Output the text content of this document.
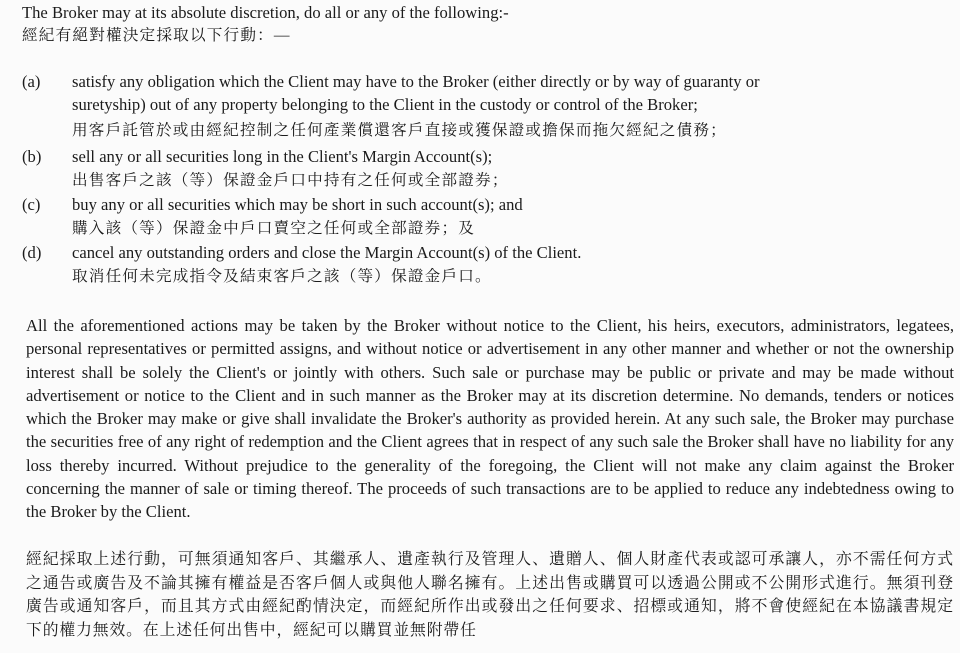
The Broker may at its absolute discretion, do all or any of the following:-
經紀有絕對權決定採取以下行動：—
(a)	satisfy any obligation which the Client may have to the Broker (either directly or by way of guaranty or
suretyship) out of any property belonging to the Client in the custody or control of the Broker;
用客戶託管於或由經紀控制之任何產業償還客戶直接或獲保證或擔保而拖欠經紀之債務；
(b)	sell any or all securities long in the Client's Margin Account(s);
出售客戶之該（等）保證金戶口中持有之任何或全部證券；
(c)	buy any or all securities which may be short in such account(s); and
購入該（等）保證金中戶口賣空之任何或全部證券；及
(d)	cancel any outstanding orders and close the Margin Account(s) of the Client.
取消任何未完成指令及結束客戶之該（等）保證金戶口。
All the aforementioned actions may be taken by the Broker without notice to the Client, his heirs, executors, administrators, legatees, personal representatives or permitted assigns, and without notice or advertisement in any other manner and whether or not the ownership interest shall be solely the Client's or jointly with others. Such sale or purchase may be public or private and may be made without advertisement or notice to the Client and in such manner as the Broker may at its discretion determine. No demands, tenders or notices which the Broker may make or give shall invalidate the Broker's authority as provided herein. At any such sale, the Broker may purchase the securities free of any right of redemption and the Client agrees that in respect of any such sale the Broker shall have no liability for any loss thereby incurred. Without prejudice to the generality of the foregoing, the Client will not make any claim against the Broker concerning the manner of sale or timing thereof. The proceeds of such transactions are to be applied to reduce any indebtedness owing to the Broker by the Client.
經紀採取上述行動，可無須通知客戶、其繼承人、遺產執行及管理人、遺贈人、個人財產代表或認可承讓人，亦不需任何方式之通告或廣告及不論其擁有權益是否客戶個人或與他人聯名擁有。上述出售或購買可以透過公開或不公開形式進行。無須刊登廣告或通知客戶，而且其方式由經紀酌情決定，而經紀所作出或發出之任何要求、招標或通知，將不會使經紀在本協議書規定下的權力無效。在上述任何出售中，經紀可以購買並無附帶任
